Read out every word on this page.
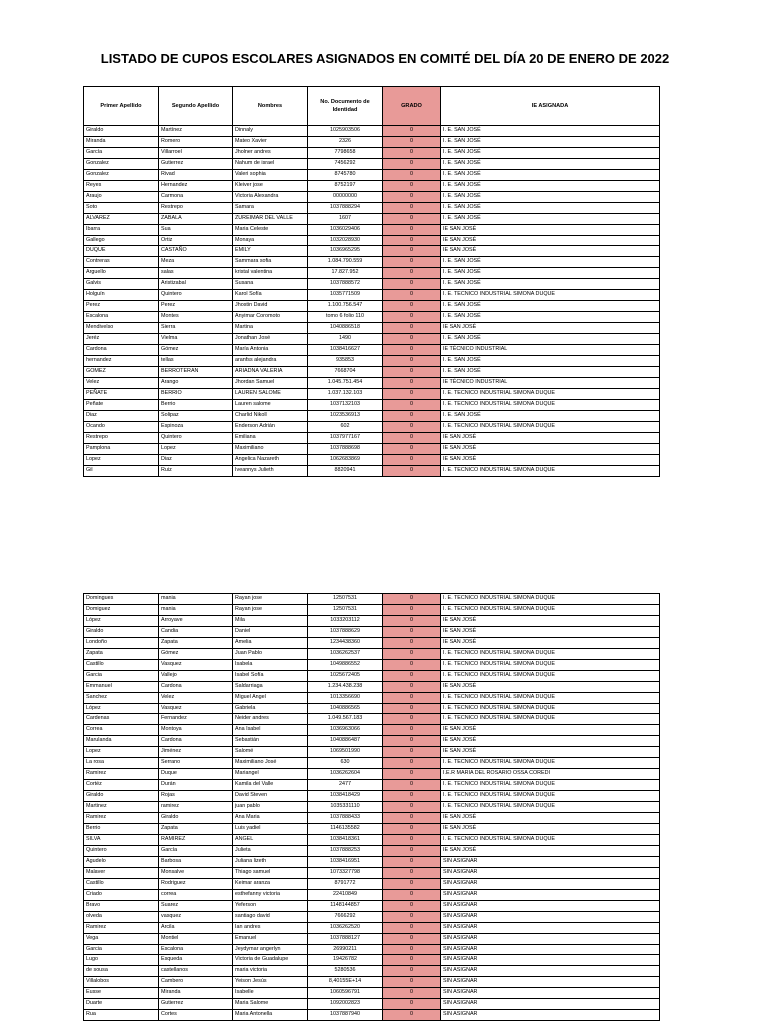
LISTADO DE CUPOS ESCOLARES ASIGNADOS EN COMITÉ DEL DÍA 20 DE ENERO DE 2022
Primer Apellido	Segundo Apellido	Nombres	No. Documento de Identidad	GRADO	IE ASIGNADA
Giraldo	Martínez	Dinnaly	1025903506	0	I. E. SAN JOSÉ
Miranda	Romero	Mateo Xavier	2326	0	I. E. SAN JOSÉ
García	Villarroel	Jholner andres	7798658	0	I. E. SAN JOSÉ
Gonzalez	Gutierrez	Nahum de israel	7456292	0	I. E. SAN JOSÉ
Gonzalez	Rivad	Valeri sophia	8745780	0	I. E. SAN JOSÉ
Reyes	Hernandez	Kleiver jose	8752197	0	I. E. SAN JOSÉ
Araujo	Carmona	Victoria Alexandra	00000000	0	I. E. SAN JOSÉ
Soto	Restrepo	Samara	1037888294	0	I. E. SAN JOSÉ
ALVAREZ	ZABALA	ZUREIMAR DEL VALLE	1607	0	I. E. SAN JOSÉ
Ibarra	Sua	Maria Celeste	1036029406	0	IE SAN JOSÉ
Gallego	Ortiz	Monaya	1032028930	0	IE SAN JOSÉ
DUQUE	CASTAÑO	EMILY	1036965295	0	IE SAN JOSÉ
Contreras	Meza	Sammara sofia	1.084.790.559	0	I. E. SAN JOSÉ
Arguello	salas	kristal valentina	17.827.952	0	I. E. SAN JOSÉ
Galvis	Aristizabal	Susana	1037888572	0	I. E. SAN JOSÉ
Holguín	Quintero	Karol Sofía	1035771509	0	I. E. TECNICO INDUSTRIAL SIMONA DUQUE
Perez	Perez	Jhostin David	1.100.756.547	0	I. E. SAN JOSÉ
Escalona	Montes	Anyimar Coromoto	tomo 6 folio 110	0	I. E. SAN JOSÉ
Mendivelso	Sierra	Martina	1040886518	0	IE SAN JOSÉ
Jeréz	Vielma	Jonathan José	1490	0	I. E. SAN JOSÉ
Cardona	Gómez	María Antonia	1038416627	0	IE TÉCNICO INDUSTRIAL
hernandez	tellas	aranfss alejandra	935853	0	I. E. SAN JOSÉ
GOMEZ	BERROTERAN	ARIADNA VALERIA	7668704	0	I. E. SAN JOSÉ
Velez	Arango	Jhordan Samuel	1.045.751.454	0	IE TÉCNICO INDUSTRIAL
PEÑATE	BERRIO	LAUREN SALOME	1.037.132.103	0	I. E. TECNICO INDUSTRIAL SIMONA DUQUE
Peñate	Berrio	Lauren salome	1037132103	0	I. E. TECNICO INDUSTRIAL SIMONA DUQUE
Diaz	Solipaz	Charlid Nikoll	1023536913	0	I. E. SAN JOSÉ
Ocando	Espinoza	Enderson Adrián	602	0	I. E. TECNICO INDUSTRIAL SIMONA DUQUE
Restrepo	Quintero	Emiliana	1037977167	0	IE SAN JOSÉ
Pamplona	Lopez	Maximiliano	1037888698	0	IE SAN JOSÉ
Lopez	Diaz	Angelica Nazareth	1062683869	0	IE SAN JOSÉ
Gil	Ruiz	Iveannys Julieth	8820941	0	I. E. TECNICO INDUSTRIAL SIMONA DUQUE
Domingues	mania	Rayan jose	12507531	0	I. E. TECNICO INDUSTRIAL SIMONA DUQUE
Domiguez	mania	Rayan jose	12507531	0	I. E. TECNICO INDUSTRIAL SIMONA DUQUE
López	Arroyave	Mila	1033203112	0	IE SAN JOSÉ
Giraldo	Candia	Daniel	1037888629	0	IE SAN JOSÉ
Londoño	Zapata	Amelia	1234438360	0	IE SAN JOSÉ
Zapata	Gómez	Juan Pablo	1036262537	0	I. E. TECNICO INDUSTRIAL SIMONA DUQUE
Castillo	Vasquez	Isabela	1049886552	0	I. E. TECNICO INDUSTRIAL SIMONA DUQUE
Garcia	Vallejo	Isabel Sofía	1025672405	0	I. E. TECNICO INDUSTRIAL SIMONA DUQUE
Emmanuel	Cardona	Saldarriaga	1.234.438.238	0	IE SAN JOSÉ
Sanchez	Velez	Miguel Angel	1013356690	0	I. E. TECNICO INDUSTRIAL SIMONA DUQUE
López	Vasquez	Gabriela	1040886565	0	I. E. TECNICO INDUSTRIAL SIMONA DUQUE
Cardenas	Fernandez	Neider andres	1.049.567.183	0	I. E. TECNICO INDUSTRIAL SIMONA DUQUE
Correa	Montoya	Ana Isabel	1036963066	0	IE SAN JOSÉ
Marulanda	Cardona	Sebastián	1040886487	0	IE SAN JOSÉ
Lopez	Jiménez	Salomé	1069501990	0	IE SAN JOSÉ
La rosa	Serrano	Maximiliano José	630	0	I. E. TECNICO INDUSTRIAL SIMONA DUQUE
Ramirez	Duque	Mariangel	1036262604	0	I.E.R MARIA DEL ROSARIO OSSA COREDI
Cortéz	Durán	Kamila del Valle	2477	0	I. E. TECNICO INDUSTRIAL SIMONA DUQUE
Giraldo	Rojas	David Steven	1038418429	0	I. E. TECNICO INDUSTRIAL SIMONA DUQUE
Martinez	ramirez	juan pablo	1035331110	0	I. E. TECNICO INDUSTRIAL SIMONA DUQUE
Ramirez	Giraldo	Ana Maria	1037888433	0	IE SAN JOSÉ
Berrio	Zapata	Luis yadiel	1146135582	0	IE SAN JOSÉ
SILVA	RAMIREZ	ANGEL	1038418361	0	I. E. TECNICO INDUSTRIAL SIMONA DUQUE
Quintero	García	Julieta	1037888253	0	IE SAN JOSÉ
Agudelo	Barbosa	Juliana lizeth	1038416951	0	SIN ASIGNAR
Malaver	Monsalve	Thiago samuel	1073327798	0	SIN ASIGNAR
Castillo	Rodriguez	Keimar aranza	8791772	0	SIN ASIGNAR
Criado	correa	esthefanny victoria	22410849	0	SIN ASIGNAR
Bravo	Suarez	Yeferson	1148144857	0	SIN ASIGNAR
olveda	vasquez	santiago david	7666292	0	SIN ASIGNAR
Ramirez	Arcila	Ian andres	1036262520	0	SIN ASIGNAR
Vega	Montiel	Emanuel	1037888127	0	SIN ASIGNAR
Garcia	Escalona	Jeydymar angerlyn	26990211	0	SIN ASIGNAR
Lugo	Esqueda	Victoria de Guadalupe	19426782	0	SIN ASIGNAR
de sousa	castellanos	maria victoria	5280536	0	SIN ASIGNAR
Villalobos	Cambero	Yeison Jesús	8,40155E+14	0	SIN ASIGNAR
Eusse	Miranda	Isabelle	1060596791	0	SIN ASIGNAR
Duarte	Gutierrez	Maria Salome	1092002823	0	SIN ASIGNAR
Rua	Cortes	Maria Antonella	1037887940	0	SIN ASIGNAR
